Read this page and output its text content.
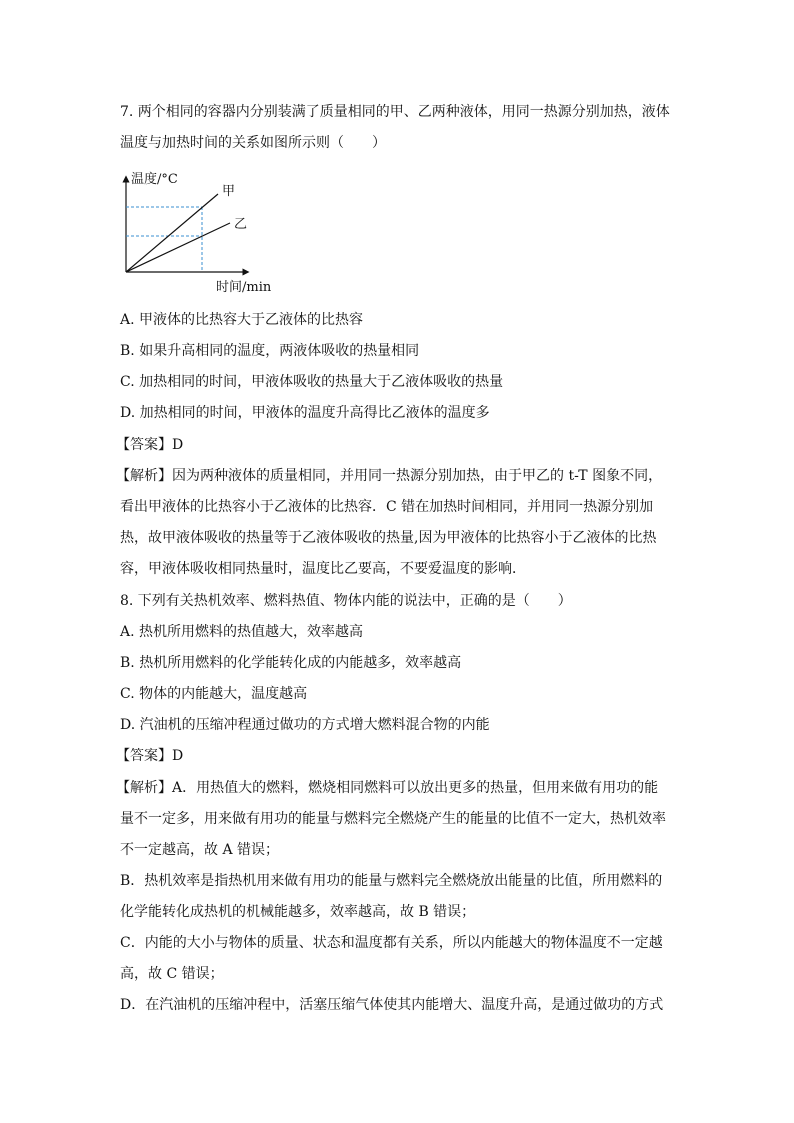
7. 两个相同的容器内分别装满了质量相同的甲、乙两种液体，用同一热源分别加热，液体
温度与加热时间的关系如图所示则（　　）
温度/°C
甲
乙
时间/min
A. 甲液体的比热容大于乙液体的比热容
B. 如果升高相同的温度，两液体吸收的热量相同
C. 加热相同的时间，甲液体吸收的热量大于乙液体吸收的热量
D. 加热相同的时间，甲液体的温度升高得比乙液体的温度多
【答案】D
【解析】因为两种液体的质量相同，并用同一热源分别加热，由于甲乙的 t-T 图象不同，
看出甲液体的比热容小于乙液体的比热容．C 错在加热时间相同，并用同一热源分别加
热，故甲液体吸收的热量等于乙液体吸收的热量,因为甲液体的比热容小于乙液体的比热
容，甲液体吸收相同热量时，温度比乙要高，不要爱温度的影响．
8. 下列有关热机效率、燃料热值、物体内能的说法中，正确的是（　　）
A. 热机所用燃料的热值越大，效率越高
B. 热机所用燃料的化学能转化成的内能越多，效率越高
C. 物体的内能越大，温度越高
D. 汽油机的压缩冲程通过做功的方式增大燃料混合物的内能
【答案】D
【解析】A．用热值大的燃料，燃烧相同燃料可以放出更多的热量，但用来做有用功的能
量不一定多，用来做有用功的能量与燃料完全燃烧产生的能量的比值不一定大，热机效率
不一定越高，故 A 错误；
B．热机效率是指热机用来做有用功的能量与燃料完全燃烧放出能量的比值，所用燃料的
化学能转化成热机的机械能越多，效率越高，故 B 错误；
C．内能的大小与物体的质量、状态和温度都有关系，所以内能越大的物体温度不一定越
高，故 C 错误；
D．在汽油机的压缩冲程中，活塞压缩气体使其内能增大、温度升高，是通过做功的方式
